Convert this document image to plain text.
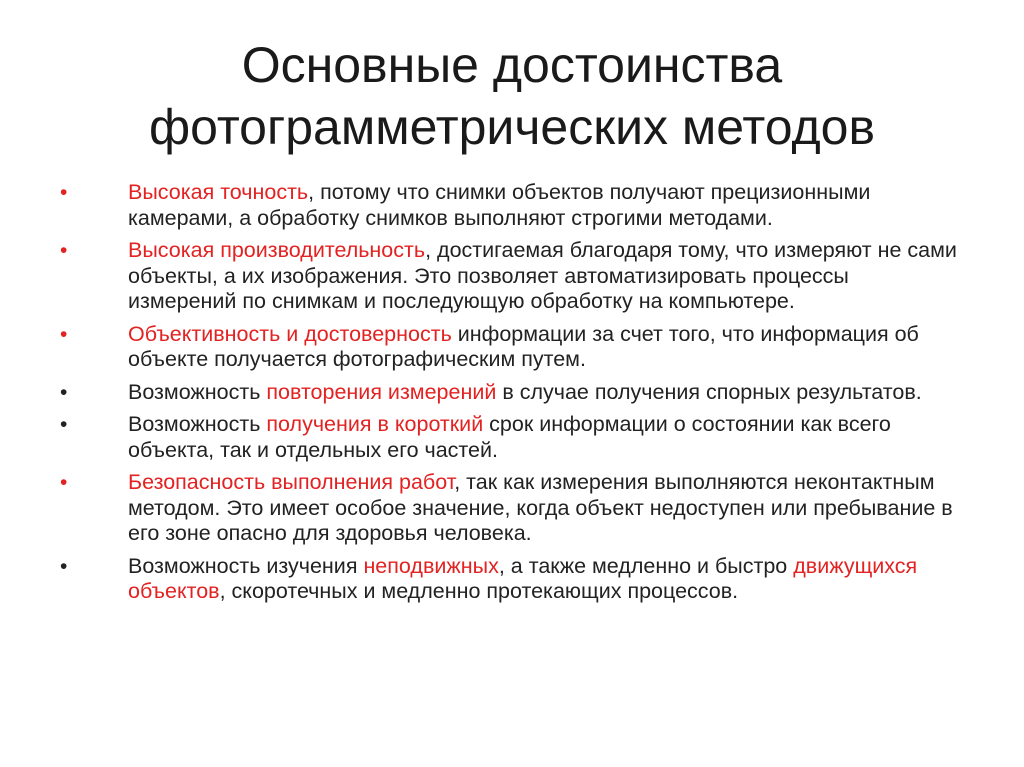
Основные достоинства
фотограмметрических методов
•	Высокая точность, потому что снимки объектов получают прецизионными камерами, а обработку снимков выполняют строгими методами.
•	Высокая производительность, достигаемая благодаря тому, что измеряют не сами объекты, а их изображения. Это позволяет автоматизировать процессы измерений по снимкам и последующую обработку на компьютере.
•	Объективность и достоверность информации за счет того, что информация об объекте получается фотографическим путем.
•	Возможность повторения измерений в случае получения спорных результатов.
•	Возможность получения в короткий срок информации о состоянии как всего объекта, так и отдельных его частей.
•	Безопасность выполнения работ, так как измерения выполняются неконтактным методом. Это имеет особое значение, когда объект недоступен или пребывание в его зоне опасно для здоровья человека.
•	Возможность изучения неподвижных, а также медленно и быстро движущихся объектов, скоротечных и медленно протекающих процессов.
